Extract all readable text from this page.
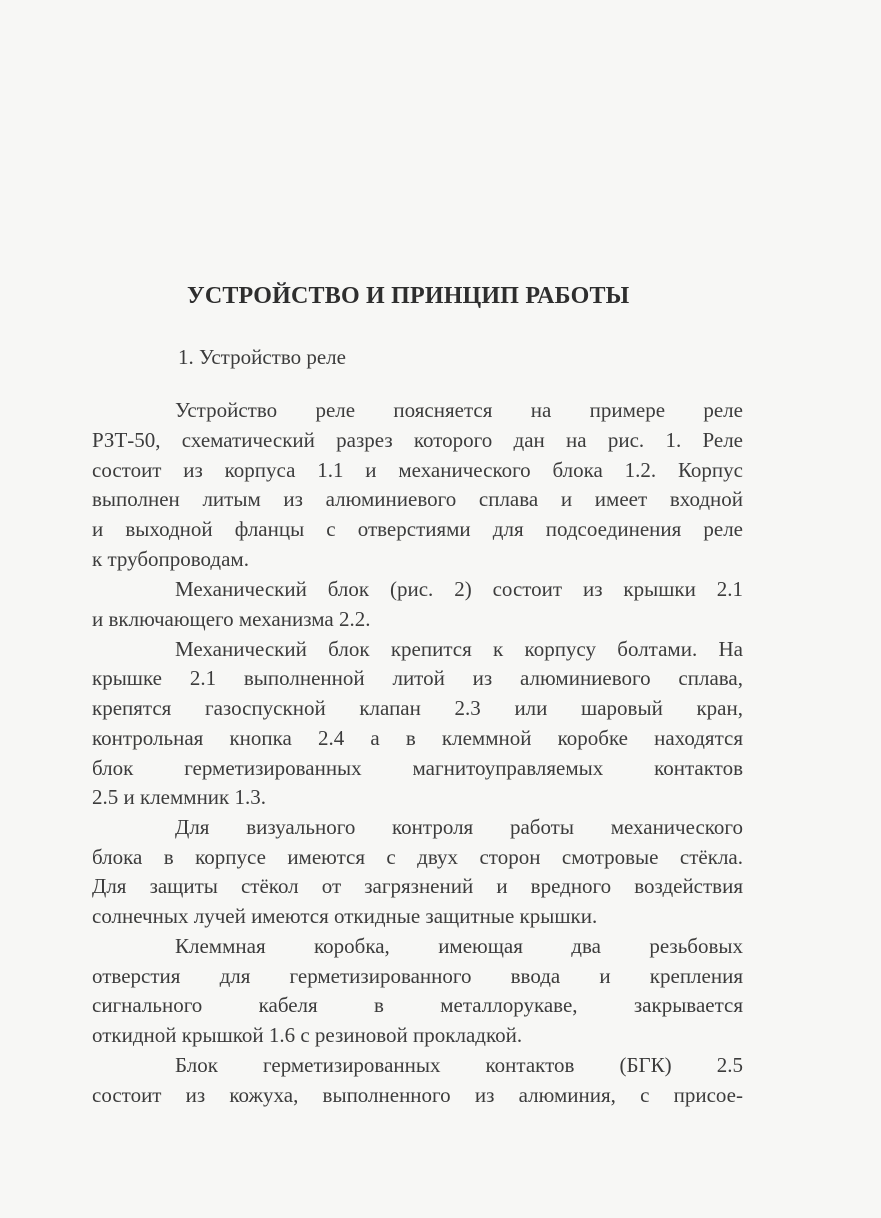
УСТРОЙСТВО И ПРИНЦИП РАБОТЫ
1. Устройство реле
Устройство реле поясняется на примере реле
РЗТ-50, схематический разрез которого дан на рис. 1. Реле
состоит из корпуса 1.1 и механического блока 1.2. Корпус
выполнен литым из алюминиевого сплава и имеет входной
и выходной фланцы с отверстиями для подсоединения реле
к трубопроводам.
Механический блок (рис. 2) состоит из крышки 2.1
и включающего механизма 2.2.
Механический блок крепится к корпусу болтами. На
крышке 2.1 выполненной литой из алюминиевого сплава,
крепятся газоспускной клапан 2.3 или шаровый кран,
контрольная кнопка 2.4 а в клеммной коробке находятся
блок герметизированных магнитоуправляемых контактов
2.5 и клеммник 1.3.
Для визуального контроля работы механического
блока в корпусе имеются с двух сторон смотровые стёкла.
Для защиты стёкол от загрязнений и вредного воздействия
солнечных лучей имеются откидные защитные крышки.
Клеммная коробка, имеющая два резьбовых
отверстия для герметизированного ввода и крепления
сигнального кабеля в металлорукаве, закрывается
откидной крышкой 1.6 с резиновой прокладкой.
Блок герметизированных контактов (БГК) 2.5
состоит из кожуха, выполненного из алюминия, с присое-
